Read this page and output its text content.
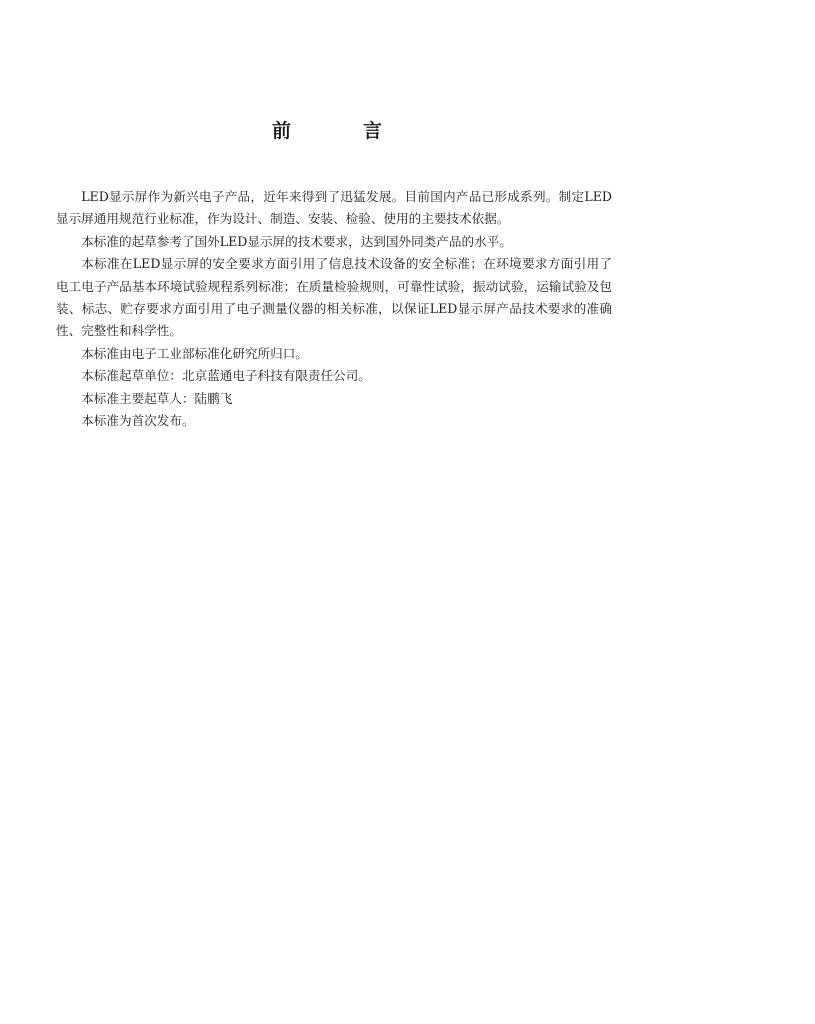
前	言

LED显示屏作为新兴电子产品，近年来得到了迅猛发展。目前国内产品已形成系列。制定LED显示屏通用规范行业标准，作为设计、制造、安装、检验、使用的主要技术依据。

本标准的起草参考了国外LED显示屏的技术要求，达到国外同类产品的水平。

本标准在LED显示屏的安全要求方面引用了信息技术设备的安全标准；在环境要求方面引用了电工电子产品基本环境试验规程系列标准；在质量检验规则，可靠性试验，振动试验，运输试验及包装、标志、贮存要求方面引用了电子测量仪器的相关标准，以保证LED显示屏产品技术要求的准确性、完整性和科学性。

本标准由电子工业部标准化研究所归口。

本标准起草单位：北京蓝通电子科技有限责任公司。

本标准主要起草人：陆鹏飞

本标准为首次发布。
